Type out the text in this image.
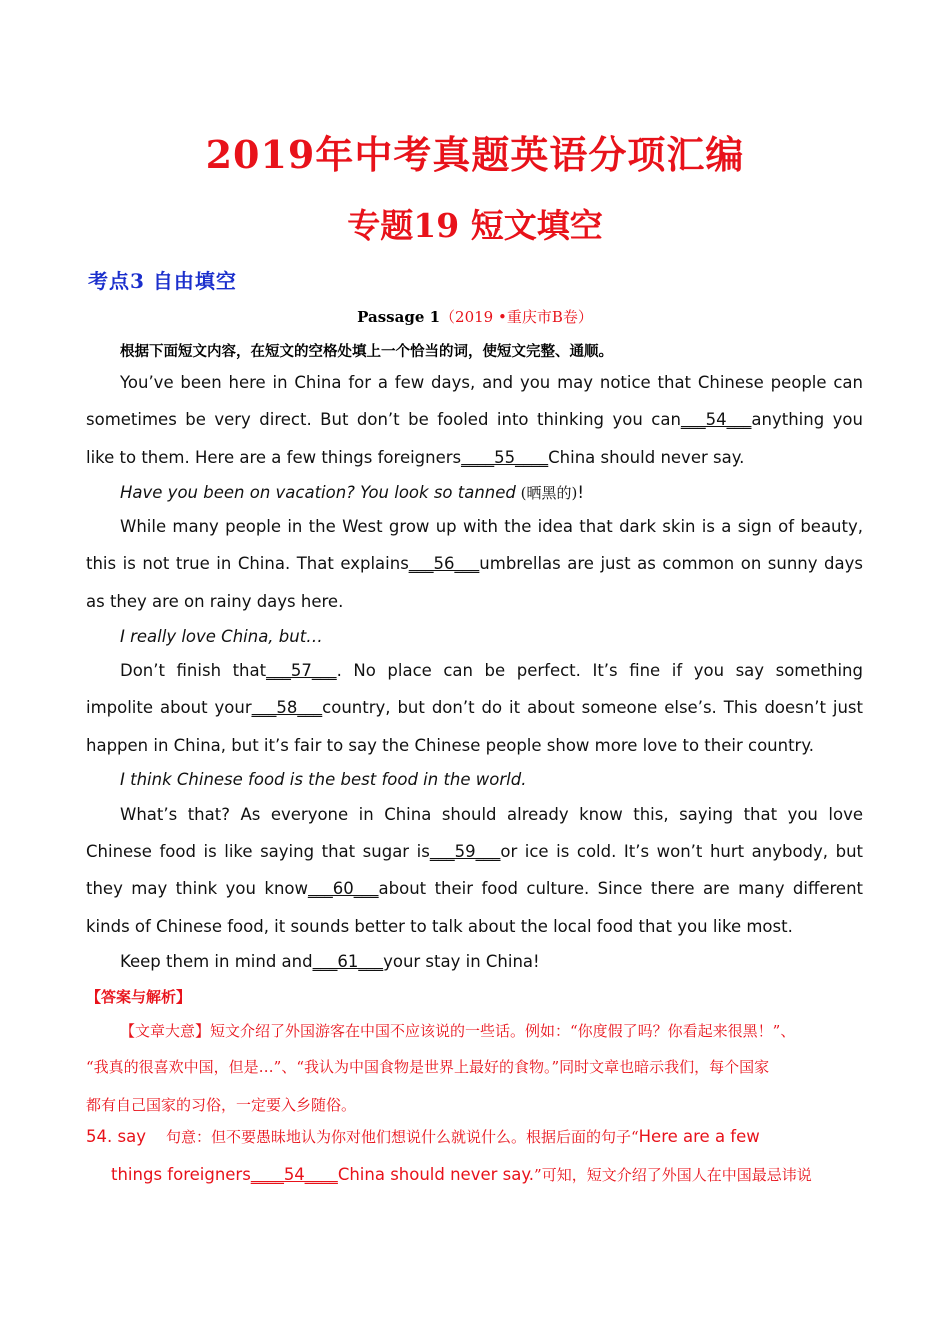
2019年中考真题英语分项汇编
专题19 短文填空
考点3 自由填空
Passage 1（2019 •重庆市B卷）
根据下面短文内容，在短文的空格处填上一个恰当的词，使短文完整、通顺。
You’ve been here in China for a few days, and you may notice that Chinese people can
sometimes be very direct. But don’t be fooled into thinking you can___54___anything you
like to them. Here are a few things foreigners____55____China should never say.
Have you been on vacation? You look so tanned (晒黑的)!
While many people in the West grow up with the idea that dark skin is a sign of beauty,
this is not true in China. That explains___56___umbrellas are just as common on sunny days
as they are on rainy days here.
I really love China, but…
Don’t finish that___57___. No place can be perfect. It’s fine if you say something
impolite about your___58___country, but don’t do it about someone else’s. This doesn’t just
happen in China, but it’s fair to say the Chinese people show more love to their country.
I think Chinese food is the best food in the world.
What’s that? As everyone in China should already know this, saying that you love
Chinese food is like saying that sugar is___59___or ice is cold. It’s won’t hurt anybody, but
they may think you know___60___about their food culture. Since there are many different
kinds of Chinese food, it sounds better to talk about the local food that you like most.
Keep them in mind and___61___your stay in China!
【答案与解析】
【文章大意】短文介绍了外国游客在中国不应该说的一些话。例如：“你度假了吗？你看起来很黑！”、
“我真的很喜欢中国，但是…”、“我认为中国食物是世界上最好的食物。”同时文章也暗示我们，每个国家
都有自己国家的习俗，一定要入乡随俗。
54. say 句意：但不要愚昧地认为你对他们想说什么就说什么。根据后面的句子“Here are a few
things foreigners____54____China should never say.”可知，短文介绍了外国人在中国最忌讳说
